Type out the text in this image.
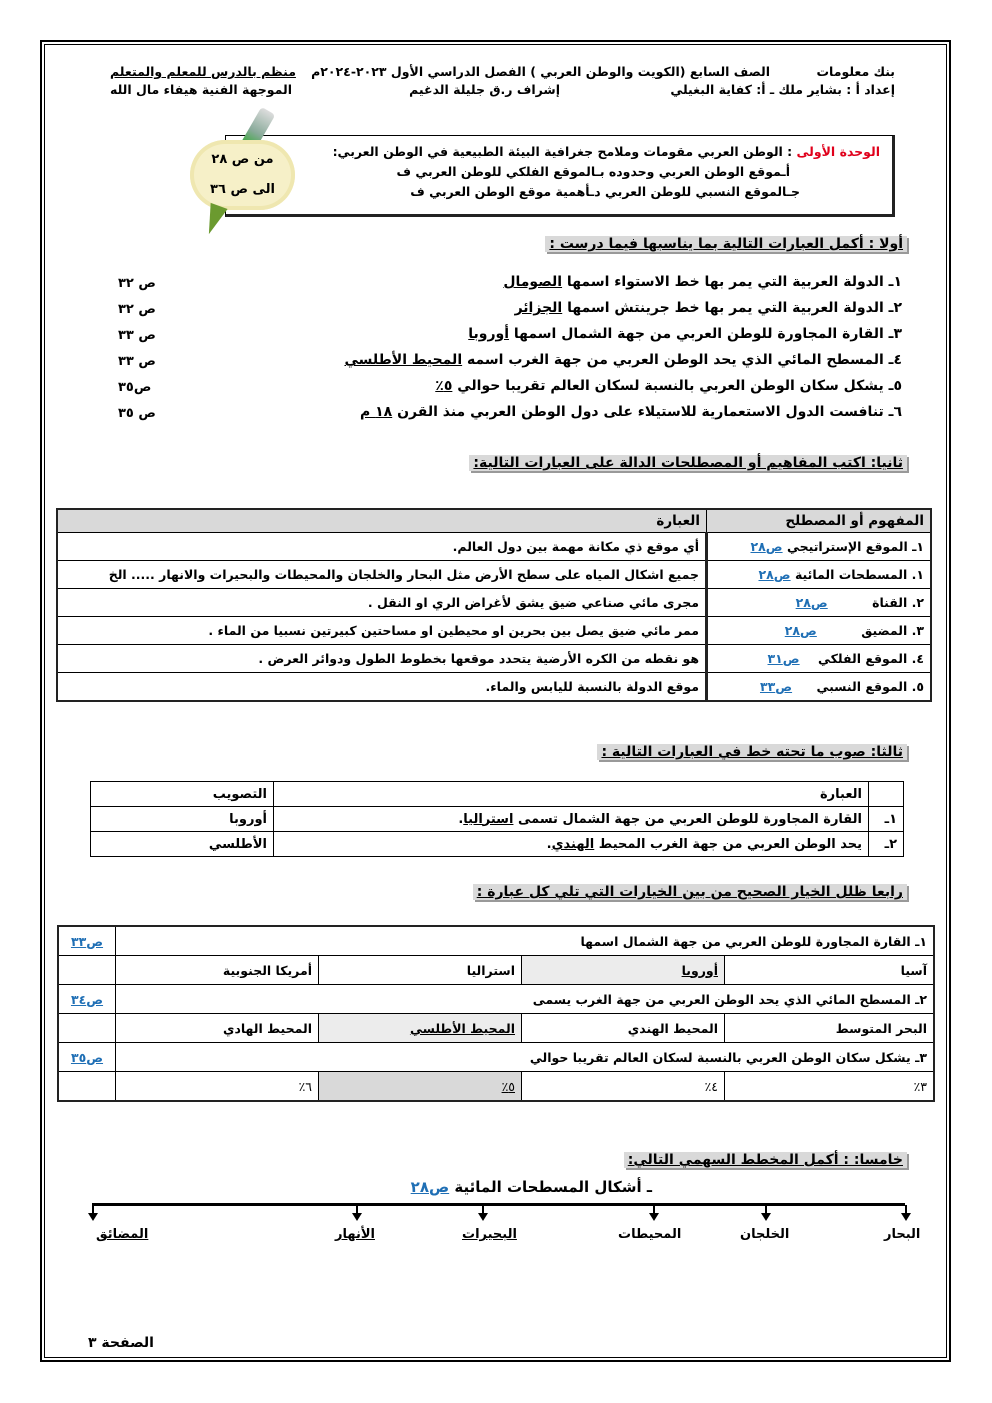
بنك معلومات
الصف السابع (الكويت والوطن العربي ) الفصل الدراسي الأول ٢٠٢٣-٢٠٢٤م
إعداد أ : بشاير ملك ـ أ: كفاية البغيلي
إشراف ر.ق جليلة الدغيم
منظم بالدرس للمعلم والمتعلم
الموجهة الفنية هيفاء مال الله
الوحدة الأولى : الوطن العربي مقومات وملامح جغرافية البيئة الطبيعية في الوطن العربي:
أـموقع الوطن العربي وحدوده بـالموقع الفلكي للوطن العربي ف
جـالموقع النسبي للوطن العربي دـأهمية موقع الوطن العربي ف
من ص ٢٨
الى ص ٣٦
أولا : أكمل العبارات التالية بما يناسبها فيما درست :
١ـ الدولة العربية التي يمر بها خط الاستواء اسمها الصومال
ص ٣٢
٢ـ الدولة العربية التي يمر بها خط جرينتش اسمها الجزائر
ص ٣٢
٣ـ القارة المجاورة للوطن العربي من جهة الشمال اسمها أوروبا
ص ٣٣
٤ـ المسطح المائي الذي يحد الوطن العربي من جهة الغرب اسمه المحيط الأطلسي
ص ٣٣
٥ـ يشكل سكان الوطن العربي بالنسبة لسكان العالم تقريبا حوالي ٥٪
ص٣٥
٦ـ تنافست الدول الاستعمارية للاستيلاء على دول الوطن العربي منذ القرن ١٨ م
ص ٣٥
ثانيا: اكتب المفاهيم أو المصطلحات الدالة على العبارات التالية:
المفهوم أو المصطلح	العبارة
١ـ الموقع الإستراتيجي ص٢٨	أي موقع ذي مكانة مهمة بين دول العالم.
١. المسطحات المائية ص٢٨	جميع اشكال المياه على سطح الأرض مثل البحار والخلجان والمحيطات والبحيرات والانهار ..... الخ
٢. القناة ص٢٨	مجرى مائي صناعي ضيق يشق لأغراض الري او النقل .
٣. المضيق ص٢٨	ممر مائي ضيق يصل بين بحرين او محيطين او مساحتين كبيرتين نسبيا من الماء .
٤. الموقع الفلكي ص٣١	هو نقطه من الكره الأرضية يتحدد موقعها بخطوط الطول ودوائر العرض .
٥. الموقع النسبي ص٣٣	موقع الدولة بالنسبة لليابس والماء.
ثالثا: صوب ما تحته خط في العبارات التالية :
	العبارة	التصويب
١ـ	القارة المجاورة للوطن العربي من جهة الشمال تسمى استراليا.	أوروبا
٢ـ	يحد الوطن العربي من جهة الغرب المحيط الهندي.	الأطلسي
رابعا ظلل الخيار الصحيح من بين الخيارات التي تلي كل عبارة :
١ـ القارة المجاورة للوطن العربي من جهة الشمال اسمها				ص٣٣
آسيا	أوروبا	استراليا	أمريكا الجنوبية	
٢ـ المسطح المائي الذي يحد الوطن العربي من جهة الغرب يسمى				ص٣٤
البحر المتوسط	المحيط الهندي	المحيط الأطلسي	المحيط الهادي	
٣ـ يشكل سكان الوطن العربي بالنسبة لسكان العالم تقريبا حوالي				ص٣٥
٣٪	٤٪	٥٪	٦٪	
خامسا: : أكمل المخطط السهمي التالي:
ـ أشكال المسطحات المائية ص٢٨
البحار
الخلجان
المحيطات
البحيرات
الأنهار
المضائق
الصفحة ٣
